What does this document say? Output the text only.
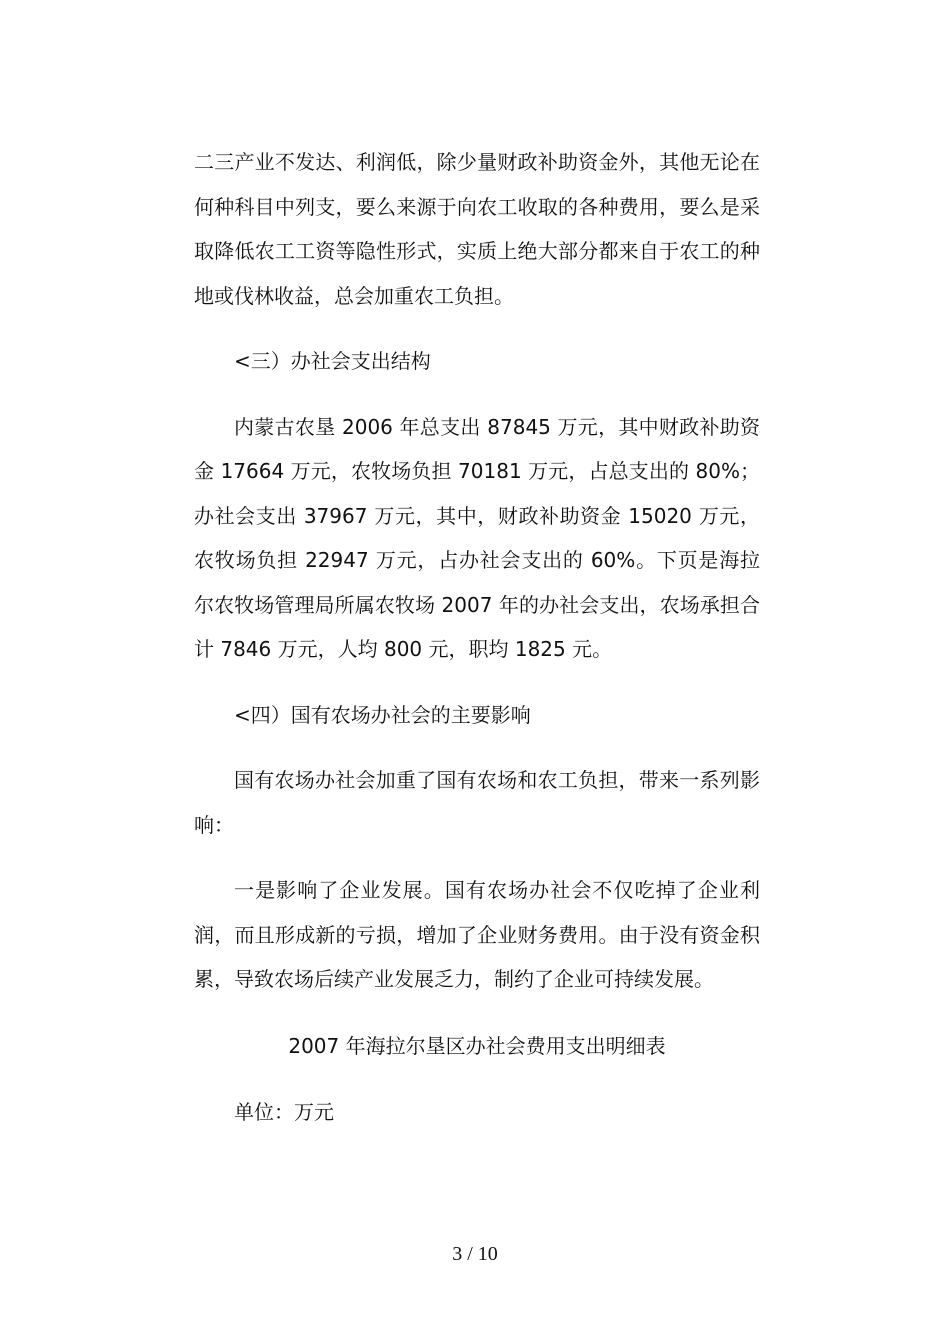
二三产业不发达、利润低，除少量财政补助资金外，其他无论在何种科目中列支，要么来源于向农工收取的各种费用，要么是采取降低农工工资等隐性形式，实质上绝大部分都来自于农工的种地或伐林收益，总会加重农工负担。

<三）办社会支出结构

内蒙古农垦 2006 年总支出 87845 万元，其中财政补助资金 17664 万元，农牧场负担 70181 万元，占总支出的 80%；办社会支出 37967 万元，其中，财政补助资金 15020 万元，农牧场负担 22947 万元，占办社会支出的 60%。下页是海拉尔农牧场管理局所属农牧场 2007 年的办社会支出，农场承担合计 7846 万元，人均 800 元，职均 1825 元。

<四）国有农场办社会的主要影响

国有农场办社会加重了国有农场和农工负担，带来一系列影响：

一是影响了企业发展。国有农场办社会不仅吃掉了企业利润，而且形成新的亏损，增加了企业财务费用。由于没有资金积累，导致农场后续产业发展乏力，制约了企业可持续发展。

2007 年海拉尔垦区办社会费用支出明细表

单位：万元

3 / 10
